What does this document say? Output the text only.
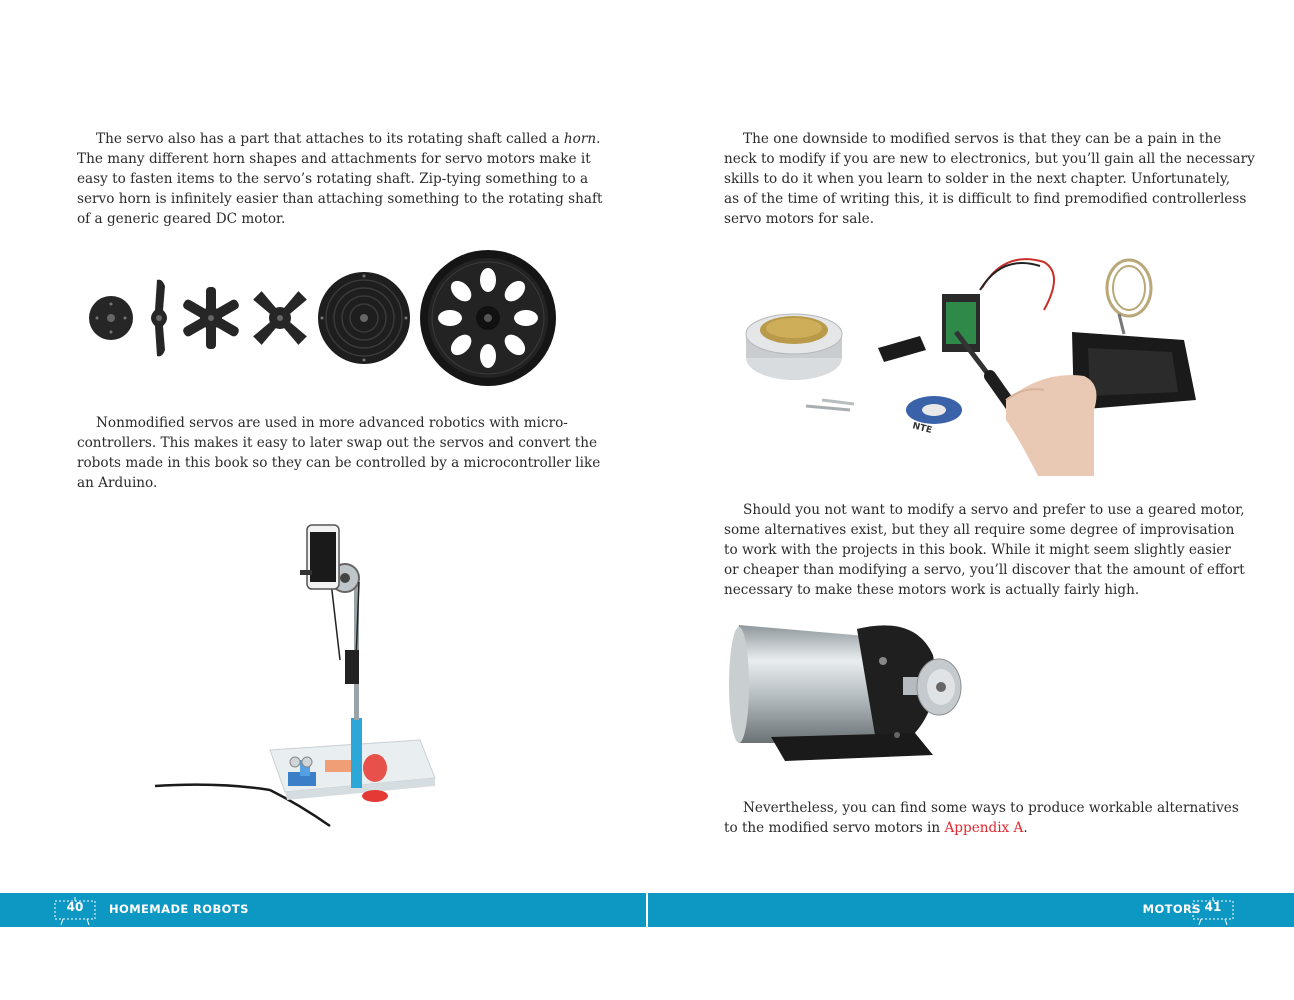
The servo also has a part that attaches to its rotating shaft called a horn.
The many different horn shapes and attachments for servo motors make it
easy to fasten items to the servo’s rotating shaft. Zip-tying something to a
servo horn is infinitely easier than attaching something to the rotating shaft
of a generic geared DC motor.

Nonmodified servos are used in more advanced robotics with micro-
controllers. This makes it easy to later swap out the servos and convert the
robots made in this book so they can be controlled by a microcontroller like
an Arduino.

40	HOMEMADE ROBOTS

The one downside to modified servos is that they can be a pain in the
neck to modify if you are new to electronics, but you’ll gain all the necessary
skills to do it when you learn to solder in the next chapter. Unfortunately,
as of the time of writing this, it is difficult to find premodified controllerless
servo motors for sale.

NTE

Should you not want to modify a servo and prefer to use a geared motor,
some alternatives exist, but they all require some degree of improvisation
to work with the projects in this book. While it might seem slightly easier
or cheaper than modifying a servo, you’ll discover that the amount of effort
necessary to make these motors work is actually fairly high.

Nevertheless, you can find some ways to produce workable alternatives
to the modified servo motors in Appendix A.

MOTORS 41
